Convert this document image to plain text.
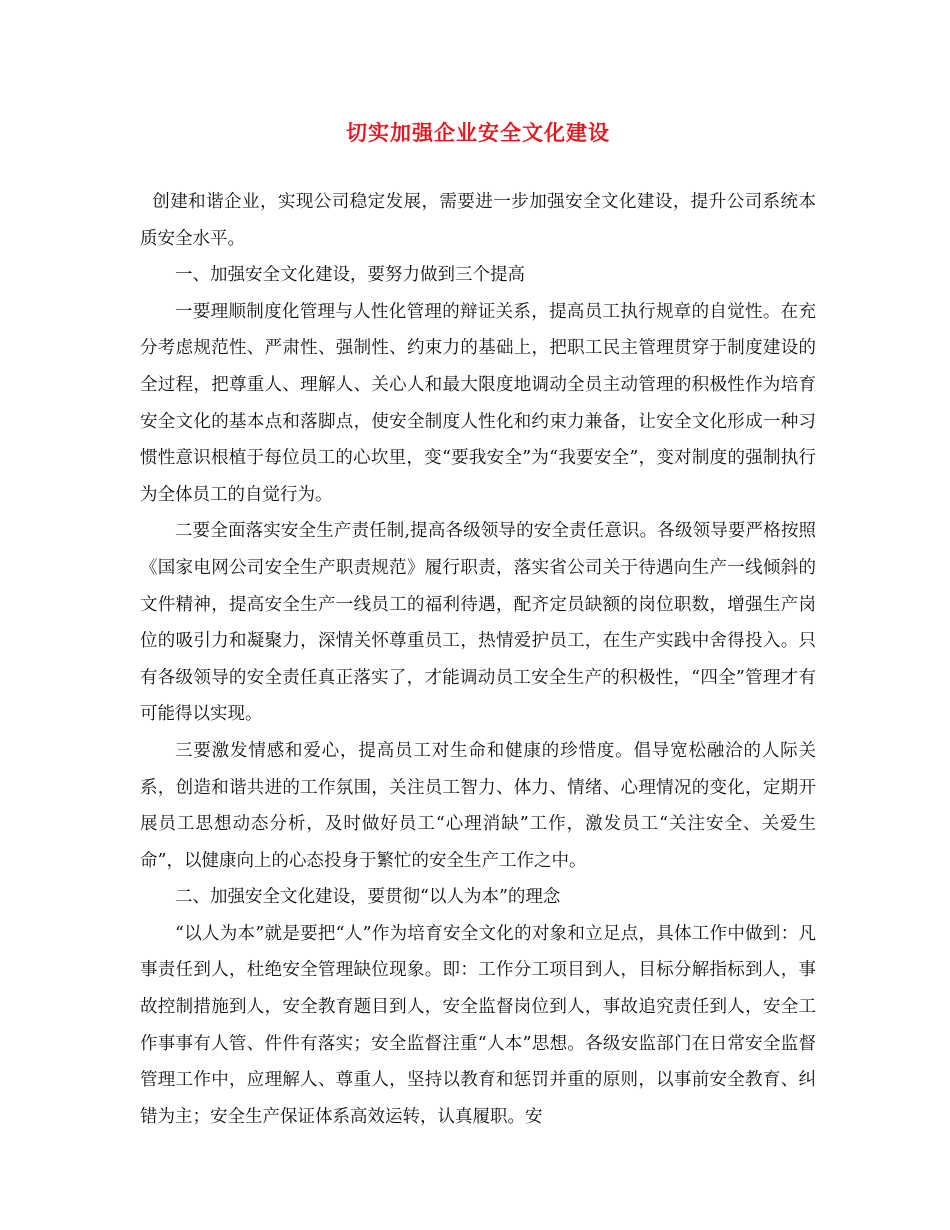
切实加强企业安全文化建设

创建和谐企业，实现公司稳定发展，需要进一步加强安全文化建设，提升公司系统本质安全水平。

一、加强安全文化建设，要努力做到三个提高

一要理顺制度化管理与人性化管理的辩证关系，提高员工执行规章的自觉性。在充分考虑规范性、严肃性、强制性、约束力的基础上，把职工民主管理贯穿于制度建设的全过程，把尊重人、理解人、关心人和最大限度地调动全员主动管理的积极性作为培育安全文化的基本点和落脚点，使安全制度人性化和约束力兼备，让安全文化形成一种习惯性意识根植于每位员工的心坎里，变“要我安全”为“我要安全”，变对制度的强制执行为全体员工的自觉行为。

二要全面落实安全生产责任制,提高各级领导的安全责任意识。各级领导要严格按照《国家电网公司安全生产职责规范》履行职责，落实省公司关于待遇向生产一线倾斜的文件精神，提高安全生产一线员工的福利待遇，配齐定员缺额的岗位职数，增强生产岗位的吸引力和凝聚力，深情关怀尊重员工，热情爱护员工，在生产实践中舍得投入。只有各级领导的安全责任真正落实了，才能调动员工安全生产的积极性，“四全”管理才有可能得以实现。

三要激发情感和爱心，提高员工对生命和健康的珍惜度。倡导宽松融洽的人际关系，创造和谐共进的工作氛围，关注员工智力、体力、情绪、心理情况的变化，定期开展员工思想动态分析，及时做好员工“心理消缺”工作，激发员工“关注安全、关爱生命”，以健康向上的心态投身于繁忙的安全生产工作之中。

二、加强安全文化建设，要贯彻“以人为本”的理念

“以人为本”就是要把“人”作为培育安全文化的对象和立足点，具体工作中做到：凡事责任到人，杜绝安全管理缺位现象。即：工作分工项目到人，目标分解指标到人，事故控制措施到人，安全教育题目到人，安全监督岗位到人，事故追究责任到人，安全工作事事有人管、件件有落实；安全监督注重“人本”思想。各级安监部门在日常安全监督管理工作中，应理解人、尊重人，坚持以教育和惩罚并重的原则，以事前安全教育、纠错为主；安全生产保证体系高效运转，认真履职。安
